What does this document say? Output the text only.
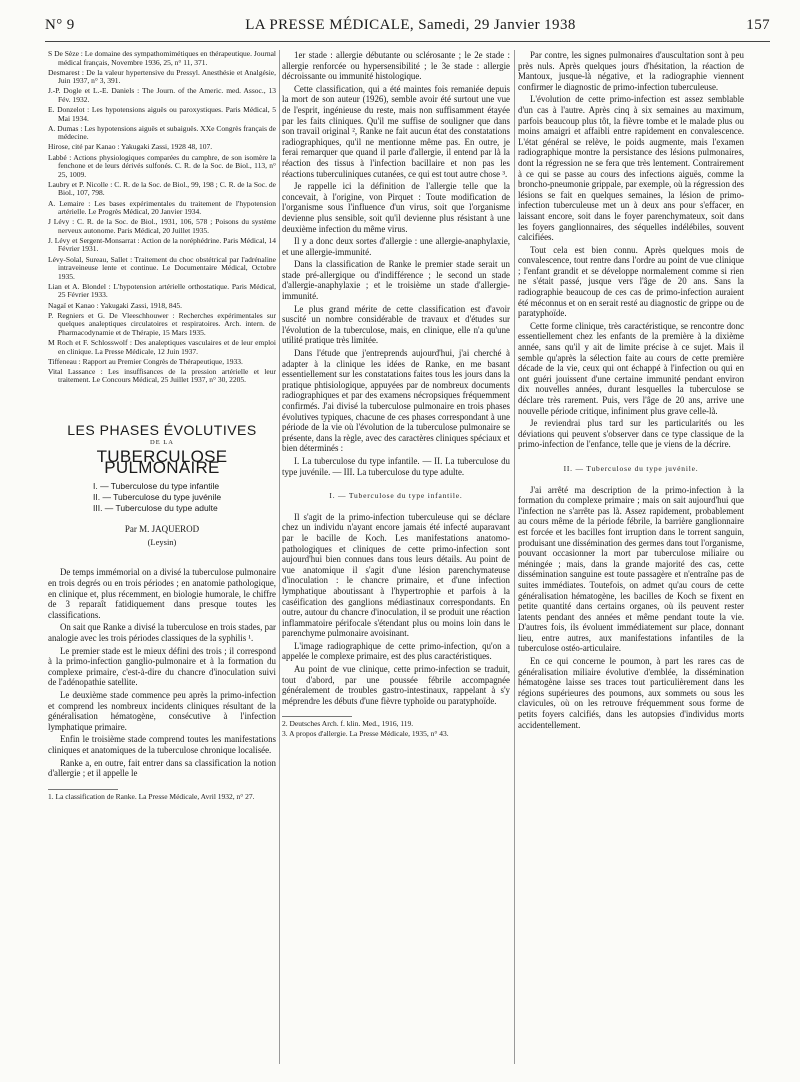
N° 9	LA PRESSE MÉDICALE, Samedi, 29 Janvier 1938	157
S De Sèze : Le domaine des sympathomimétiques en thérapeutique. Journal médical français, Novembre 1936, 25, n° 11, 371.
Desmarest : De la valeur hypertensive du Pressyl. Anesthésie et Analgésie, Juin 1937, n° 3, 391.
J.-P. Dogle et L.-E. Daniels : The Journ. of the Americ. med. Assoc., 13 Fév. 1932.
E. Donzelot : Les hypotensions aiguës ou paroxystiques. Paris Médical, 5 Mai 1934.
A. Dumas : Les hypotensions aiguës et subaiguës. XXe Congrès français de médecine.
Hirose, cité par Kanao : Yakugaki Zassi, 1928 48, 107.
Labbé : Actions physiologiques comparées du camphre, de son isomère la fenchone et de leurs dérivés sulfonés. C. R. de la Soc. de Biol., 113, n° 25, 1009.
Laubry et P. Nicolle : C. R. de la Soc. de Biol., 99, 198 ; C. R. de la Soc. de Biol., 107, 798.
A. Lemaire : Les bases expérimentales du traitement de l'hypotension artérielle. Le Progrès Médical, 20 Janvier 1934.
J Lévy : C. R. de la Soc. de Biol., 1931, 106, 578 ; Poisons du système nerveux autonome. Paris Médical, 20 Juillet 1935.
J. Lévy et Sergent-Monsarrat : Action de la noréphédrine. Paris Médical, 14 Février 1931.
Lévy-Solal, Sureau, Sallet : Traitement du choc obstétrical par l'adrénaline intraveineuse lente et continue. Le Documentaire Médical, Octobre 1935.
Lian et A. Blondel : L'hypotension artérielle orthostatique. Paris Médical, 25 Février 1933.
Nagaï et Kanao : Yakugaki Zassi, 1918, 845.
P. Regniers et G. De Vleeschhouwer : Recherches expérimentales sur quelques analeptiques circulatoires et respiratoires. Arch. intern. de Pharmacodynamie et de Thérapie, 15 Mars 1935.
M Roch et F. Schlosswolf : Des analeptiques vasculaires et de leur emploi en clinique. La Presse Médicale, 12 Juin 1937.
Tiffeneau : Rapport au Premier Congrès de Thérapeutique, 1933.
Vital Lassance : Les insuffisances de la pression artérielle et leur traitement. Le Concours Médical, 25 Juillet 1937, n° 30, 2205.
LES PHASES ÉVOLUTIVES
DE LA
TUBERCULOSE PULMONAIRE
I. — Tuberculose du type infantile
II. — Tuberculose du type juvénile
III. — Tuberculose du type adulte
Par M. JAQUEROD
(Leysin)

De temps immémorial on a divisé la tuberculose pulmonaire en trois degrés ou en trois périodes ; en anatomie pathologique, en clinique et, plus récemment, en biologie humorale, le chiffre de 3 reparaît fatidiquement dans presque toutes les classifications.

On sait que Ranke a divisé la tuberculose en trois stades, par analogie avec les trois périodes classiques de la syphilis ¹.

Le premier stade est le mieux défini des trois ; il correspond à la primo-infection ganglio-pulmonaire et à la formation du complexe primaire, c'est-à-dire du chancre d'inoculation suivi de l'adénopathie satellite.

Le deuxième stade commence peu après la primo-infection et comprend les nombreux incidents cliniques résultant de la généralisation hématogène, consécutive à l'infection lymphatique primaire.

Enfin le troisième stade comprend toutes les manifestations cliniques et anatomiques de la tuberculose chronique localisée.

Ranke a, en outre, fait entrer dans sa classification la notion d'allergie ; et il appelle le

1. La classification de Ranke. La Presse Médicale, Avril 1932, n° 27.

1er stade : allergie débutante ou sclérosante ; le 2e stade : allergie renforcée ou hypersensibilité ; le 3e stade : allergie décroissante ou immunité histologique.

Cette classification, qui a été maintes fois remaniée depuis la mort de son auteur (1926), semble avoir été surtout une vue de l'esprit, ingénieuse du reste, mais non suffisamment étayée par les faits cliniques. Qu'il me suffise de souligner que dans son travail original ², Ranke ne fait aucun état des constatations radiographiques, qu'il ne mentionne même pas. En outre, je ferai remarquer que quand il parle d'allergie, il entend par là la réaction des tissus à l'infection bacillaire et non pas les réactions tuberculiniques cutanées, ce qui est tout autre chose ³.

Je rappelle ici la définition de l'allergie telle que la concevait, à l'origine, von Pirquet : Toute modification de l'organisme sous l'influence d'un virus, soit que l'organisme devienne plus sensible, soit qu'il devienne plus résistant à une deuxième infection du même virus.

Il y a donc deux sortes d'allergie : une allergie-anaphylaxie, et une allergie-immunité.

Dans la classification de Ranke le premier stade serait un stade pré-allergique ou d'indifférence ; le second un stade d'allergie-anaphylaxie ; et le troisième un stade d'allergie-immunité.

Le plus grand mérite de cette classification est d'avoir suscité un nombre considérable de travaux et d'études sur l'évolution de la tuberculose, mais, en clinique, elle n'a qu'une utilité pratique très limitée.

Dans l'étude que j'entreprends aujourd'hui, j'ai cherché à adapter à la clinique les idées de Ranke, en me basant essentiellement sur les constatations faites tous les jours dans la pratique phtisiologique, appuyées par de nombreux documents radiographiques et par des examens nécropsiques fréquemment confirmés. J'ai divisé la tuberculose pulmonaire en trois phases évolutives typiques, chacune de ces phases correspondant à une période de la vie où l'évolution de la tuberculose pulmonaire se présente, dans la règle, avec des caractères cliniques spéciaux et bien déterminés :

I. La tuberculose du type infantile. — II. La tuberculose du type juvénile. — III. La tuberculose du type adulte.

I. — Tuberculose du type infantile.

Il s'agit de la primo-infection tuberculeuse qui se déclare chez un individu n'ayant encore jamais été infecté auparavant par le bacille de Koch. Les manifestations anatomo-pathologiques et cliniques de cette primo-infection sont aujourd'hui bien connues dans tous leurs détails. Au point de vue anatomique il s'agit d'une lésion parenchymateuse d'inoculation : le chancre primaire, et d'une infection lymphatique aboutissant à l'hypertrophie et parfois à la caséification des ganglions médiastinaux correspondants. En outre, autour du chancre d'inoculation, il se produit une réaction inflammatoire périfocale s'étendant plus ou moins loin dans le parenchyme pulmonaire avoisinant.

L'image radiographique de cette primo-infection, qu'on a appelée le complexe primaire, est des plus caractéristiques.

Au point de vue clinique, cette primo-infection se traduit, tout d'abord, par une poussée fébrile accompagnée généralement de troubles gastro-intestinaux, rappelant à s'y méprendre les débuts d'une fièvre typhoïde ou paratyphoïde.

2. Deutsches Arch. f. klin. Med., 1916, 119.
3. A propos d'allergie. La Presse Médicale, 1935, n° 43.

Par contre, les signes pulmonaires d'auscultation sont à peu près nuls. Après quelques jours d'hésitation, la réaction de Mantoux, jusque-là négative, et la radiographie viennent confirmer le diagnostic de primo-infection tuberculeuse.

L'évolution de cette primo-infection est assez semblable d'un cas à l'autre. Après cinq à six semaines au maximum, parfois beaucoup plus tôt, la fièvre tombe et le malade plus ou moins amaigri et affaibli entre rapidement en convalescence. L'état général se relève, le poids augmente, mais l'examen radiographique montre la persistance des lésions pulmonaires, dont la régression ne se fera que très lentement. Contrairement à ce qui se passe au cours des infections aiguës, comme la broncho-pneumonie grippale, par exemple, où la régression des lésions se fait en quelques semaines, la lésion de primo-infection tuberculeuse met un à deux ans pour s'effacer, en laissant encore, soit dans le foyer parenchymateux, soit dans les foyers ganglionnaires, des séquelles indélébiles, souvent calcifiées.

Tout cela est bien connu. Après quelques mois de convalescence, tout rentre dans l'ordre au point de vue clinique ; l'enfant grandit et se développe normalement comme si rien ne s'était passé, jusque vers l'âge de 20 ans. Sans la radiographie beaucoup de ces cas de primo-infection auraient été méconnus et on en serait resté au diagnostic de grippe ou de paratyphoïde.

Cette forme clinique, très caractéristique, se rencontre donc essentiellement chez les enfants de la première à la dixième année, sans qu'il y ait de limite précise à ce sujet. Mais il semble qu'après la sélection faite au cours de cette première décade de la vie, ceux qui ont échappé à l'infection ou qui en ont guéri jouissent d'une certaine immunité pendant environ dix nouvelles années, durant lesquelles la tuberculose se déclare très rarement. Puis, vers l'âge de 20 ans, arrive une nouvelle période critique, infiniment plus grave celle-là.

Je reviendrai plus tard sur les particularités ou les déviations qui peuvent s'observer dans ce type classique de la primo-infection de l'enfance, telle que je viens de la décrire.

II. — Tuberculose du type juvénile.

J'ai arrêté ma description de la primo-infection à la formation du complexe primaire ; mais on sait aujourd'hui que l'infection ne s'arrête pas là. Assez rapidement, probablement au cours même de la période fébrile, la barrière ganglionnaire est forcée et les bacilles font irruption dans le torrent sanguin, produisant une dissémination des germes dans tout l'organisme, pouvant occasionner la mort par tuberculose miliaire ou méningée ; mais, dans la grande majorité des cas, cette dissémination sanguine est toute passagère et n'entraîne pas de suites immédiates. Toutefois, on admet qu'au cours de cette généralisation hématogène, les bacilles de Koch se fixent en petite quantité dans certains organes, où ils peuvent rester latents pendant des années et même pendant toute la vie. D'autres fois, ils évoluent immédiatement sur place, donnant lieu, entre autres, aux manifestations infantiles de la tuberculose ostéo-articulaire.

En ce qui concerne le poumon, à part les rares cas de généralisation miliaire évolutive d'emblée, la dissémination hématogène laisse ses traces tout particulièrement dans les régions supérieures des poumons, aux sommets ou sous les clavicules, où on les retrouve fréquemment sous forme de petits foyers calcifiés, dans les autopsies d'individus morts accidentellement.
